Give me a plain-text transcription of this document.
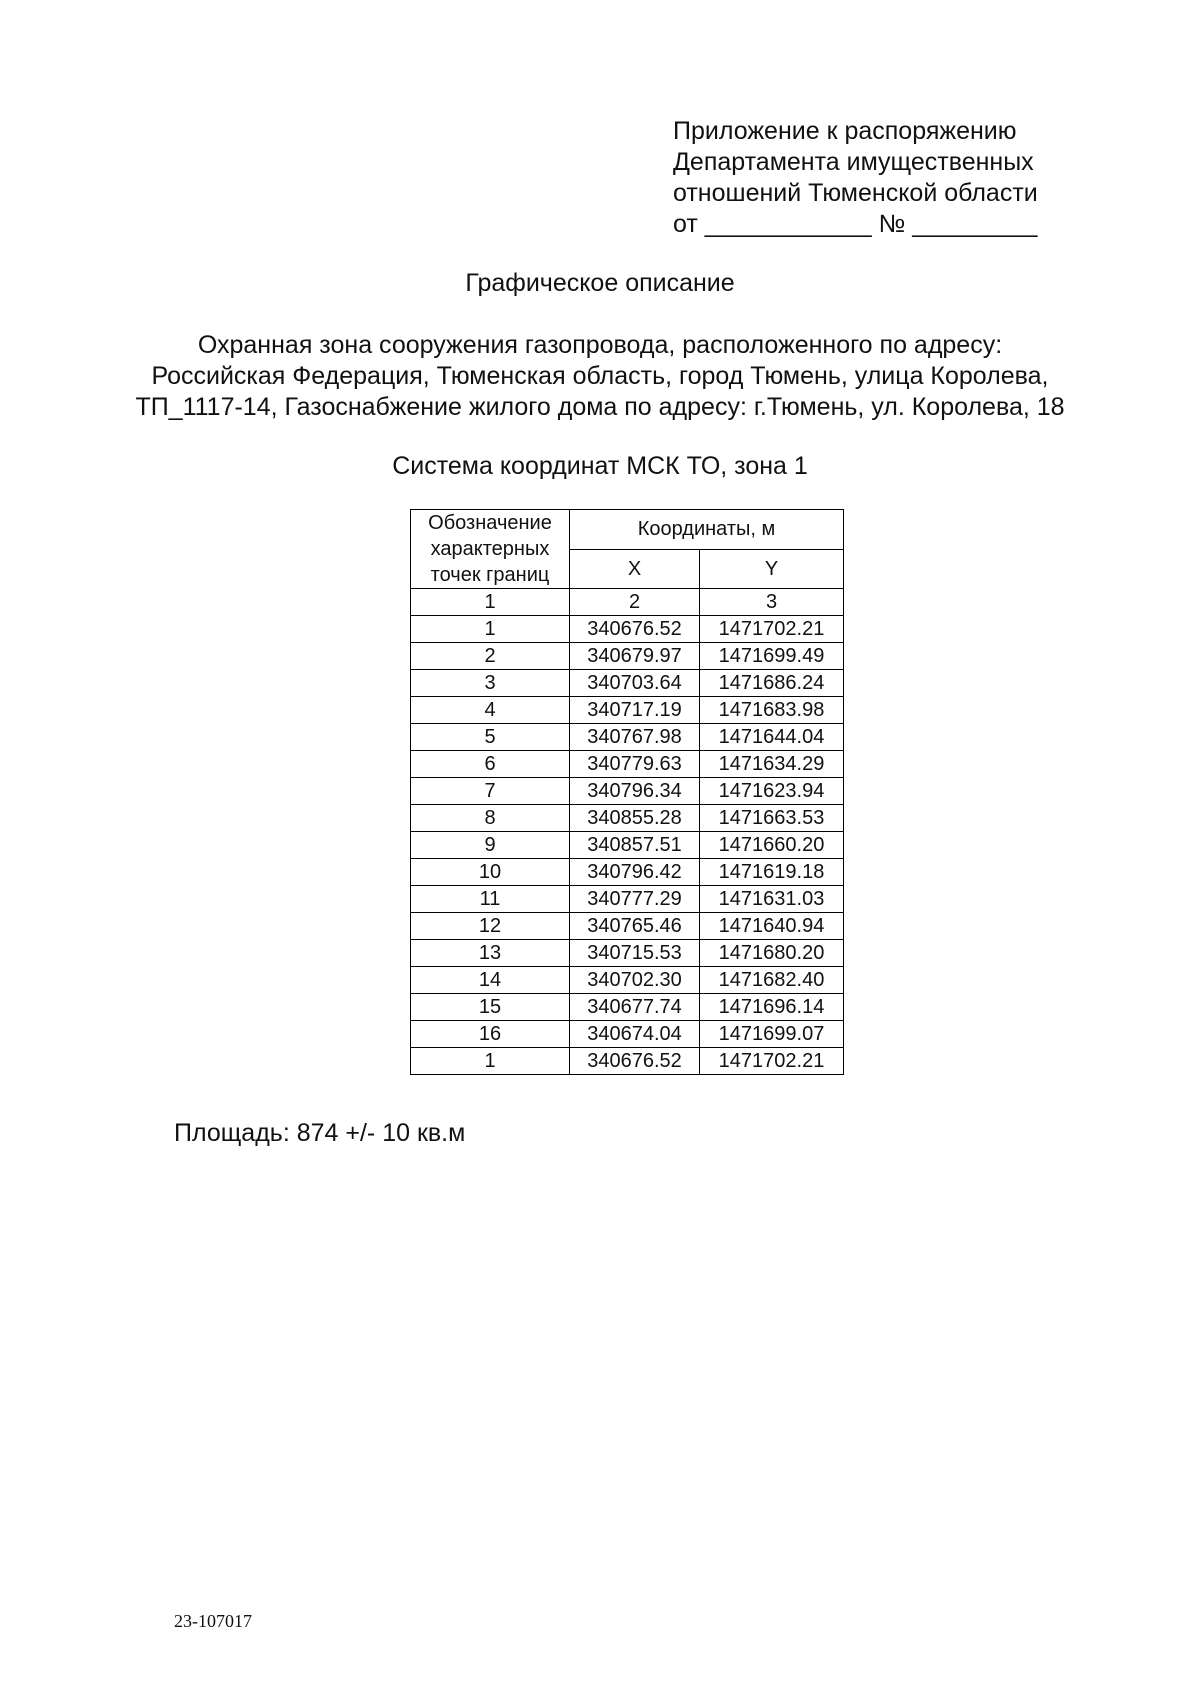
Приложение к распоряжению
Департамента имущественных
отношений Тюменской области
от ____________ № _________
Графическое описание
Охранная зона сооружения газопровода, расположенного по адресу:
Российская Федерация, Тюменская область, город Тюмень, улица Королева,
ТП_1117-14, Газоснабжение жилого дома по адресу: г.Тюмень, ул. Королева, 18
Система координат МСК ТО, зона 1
Обозначение характерных точек границ	Координаты, м	
	X	Y
1	2	3
1	340676.52	1471702.21
2	340679.97	1471699.49
3	340703.64	1471686.24
4	340717.19	1471683.98
5	340767.98	1471644.04
6	340779.63	1471634.29
7	340796.34	1471623.94
8	340855.28	1471663.53
9	340857.51	1471660.20
10	340796.42	1471619.18
11	340777.29	1471631.03
12	340765.46	1471640.94
13	340715.53	1471680.20
14	340702.30	1471682.40
15	340677.74	1471696.14
16	340674.04	1471699.07
1	340676.52	1471702.21
Площадь: 874 +/- 10 кв.м
23-107017
